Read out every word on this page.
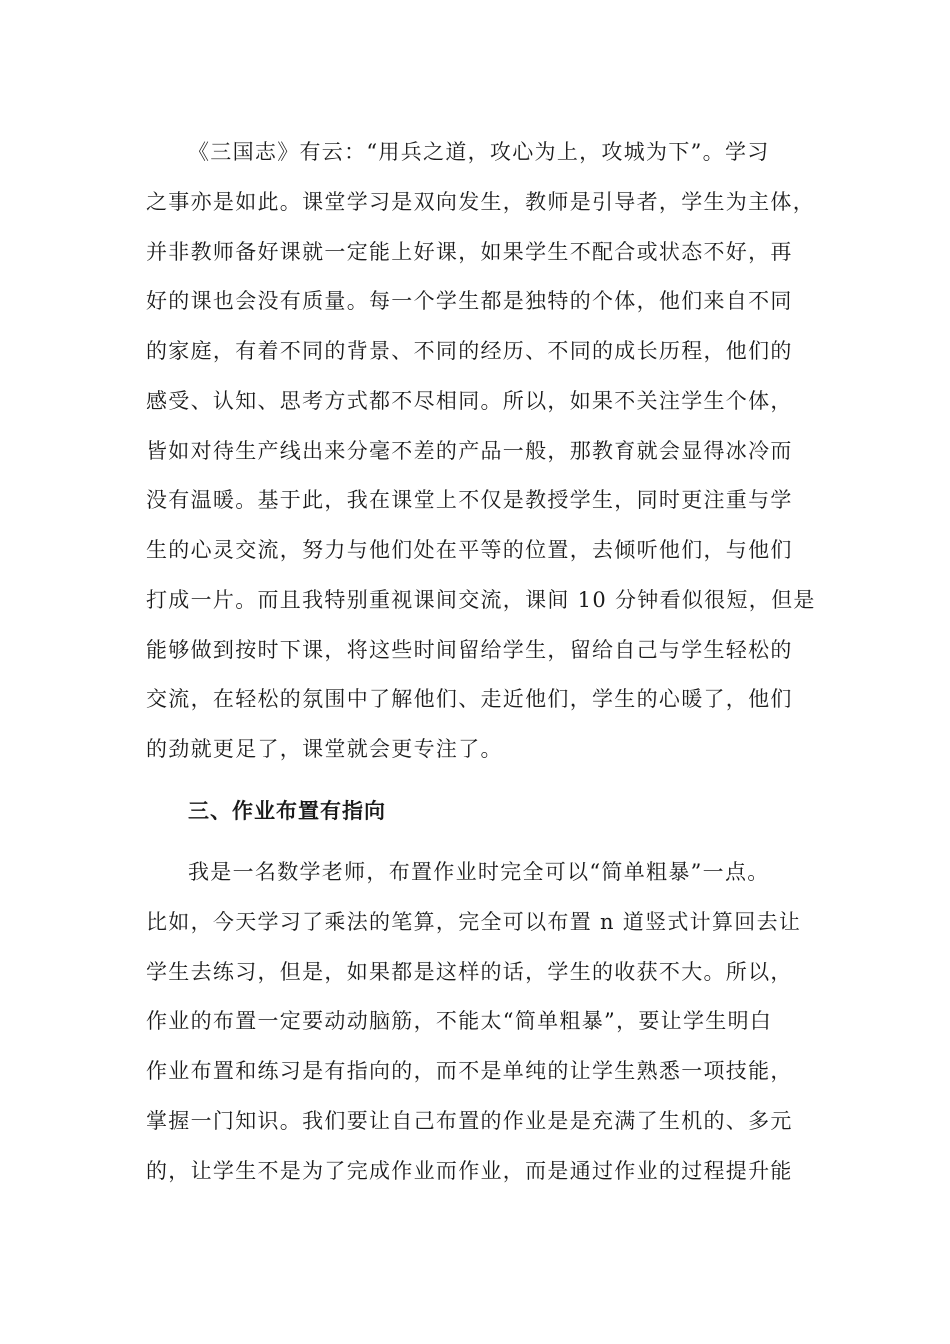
《三国志》有云：“用兵之道，攻心为上，攻城为下”。学习
之事亦是如此。课堂学习是双向发生，教师是引导者，学生为主体，
并非教师备好课就一定能上好课，如果学生不配合或状态不好，再
好的课也会没有质量。每一个学生都是独特的个体，他们来自不同
的家庭，有着不同的背景、不同的经历、不同的成长历程，他们的
感受、认知、思考方式都不尽相同。所以，如果不关注学生个体，
皆如对待生产线出来分毫不差的产品一般，那教育就会显得冰冷而
没有温暖。基于此，我在课堂上不仅是教授学生，同时更注重与学
生的心灵交流，努力与他们处在平等的位置，去倾听他们，与他们
打成一片。而且我特别重视课间交流，课间 10 分钟看似很短，但是
能够做到按时下课，将这些时间留给学生，留给自己与学生轻松的
交流，在轻松的氛围中了解他们、走近他们，学生的心暖了，他们
的劲就更足了，课堂就会更专注了。
三、作业布置有指向
我是一名数学老师，布置作业时完全可以“简单粗暴”一点。
比如，今天学习了乘法的笔算，完全可以布置 n 道竖式计算回去让
学生去练习，但是，如果都是这样的话，学生的收获不大。所以，
作业的布置一定要动动脑筋，不能太“简单粗暴”，要让学生明白
作业布置和练习是有指向的，而不是单纯的让学生熟悉一项技能，
掌握一门知识。我们要让自己布置的作业是是充满了生机的、多元
的，让学生不是为了完成作业而作业，而是通过作业的过程提升能
